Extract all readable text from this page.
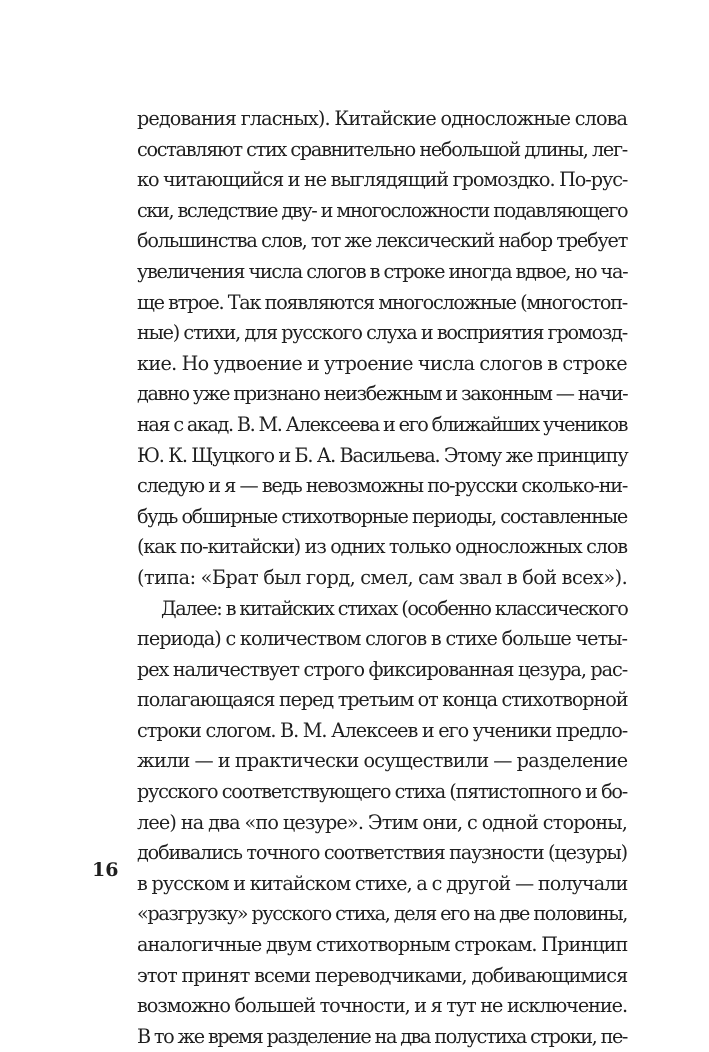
редования гласных). Китайские односложные слова
составляют стих сравнительно небольшой длины, лег-
ко читающийся и не выглядящий громоздко. По-рус-
ски, вследствие дву- и многосложности подавляющего
большинства слов, тот же лексический набор требует
увеличения числа слогов в строке иногда вдвое, но ча-
ще втрое. Так появляются многосложные (многостоп-
ные) стихи, для русского слуха и восприятия громозд-
кие. Но удвоение и утроение числа слогов в строке
давно уже признано неизбежным и законным — начи-
ная с акад. В. М. Алексеева и его ближайших учеников
Ю. К. Щуцкого и Б. А. Васильева. Этому же принципу
следую и я — ведь невозможны по-русски сколько-ни-
будь обширные стихотворные периоды, составленные
(как по-китайски) из одних только односложных слов
(типа: «Брат был горд, смел, сам звал в бой всех»).
Далее: в китайских стихах (особенно классического
периода) с количеством слогов в стихе больше четы-
рех наличествует строго фиксированная цезура, рас-
полагающаяся перед третьим от конца стихотворной
строки слогом. В. М. Алексеев и его ученики предло-
жили — и практически осуществили — разделение
русского соответствующего стиха (пятистопного и бо-
лее) на два «по цезуре». Этим они, с одной стороны,
добивались точного соответствия паузности (цезуры)
в русском и китайском стихе, а с другой — получали
«разгрузку» русского стиха, деля его на две половины,
аналогичные двум стихотворным строкам. Принцип
этот принят всеми переводчиками, добивающимися
возможно большей точности, и я тут не исключение.
В то же время разделение на два полустиха строки, пе-
16
